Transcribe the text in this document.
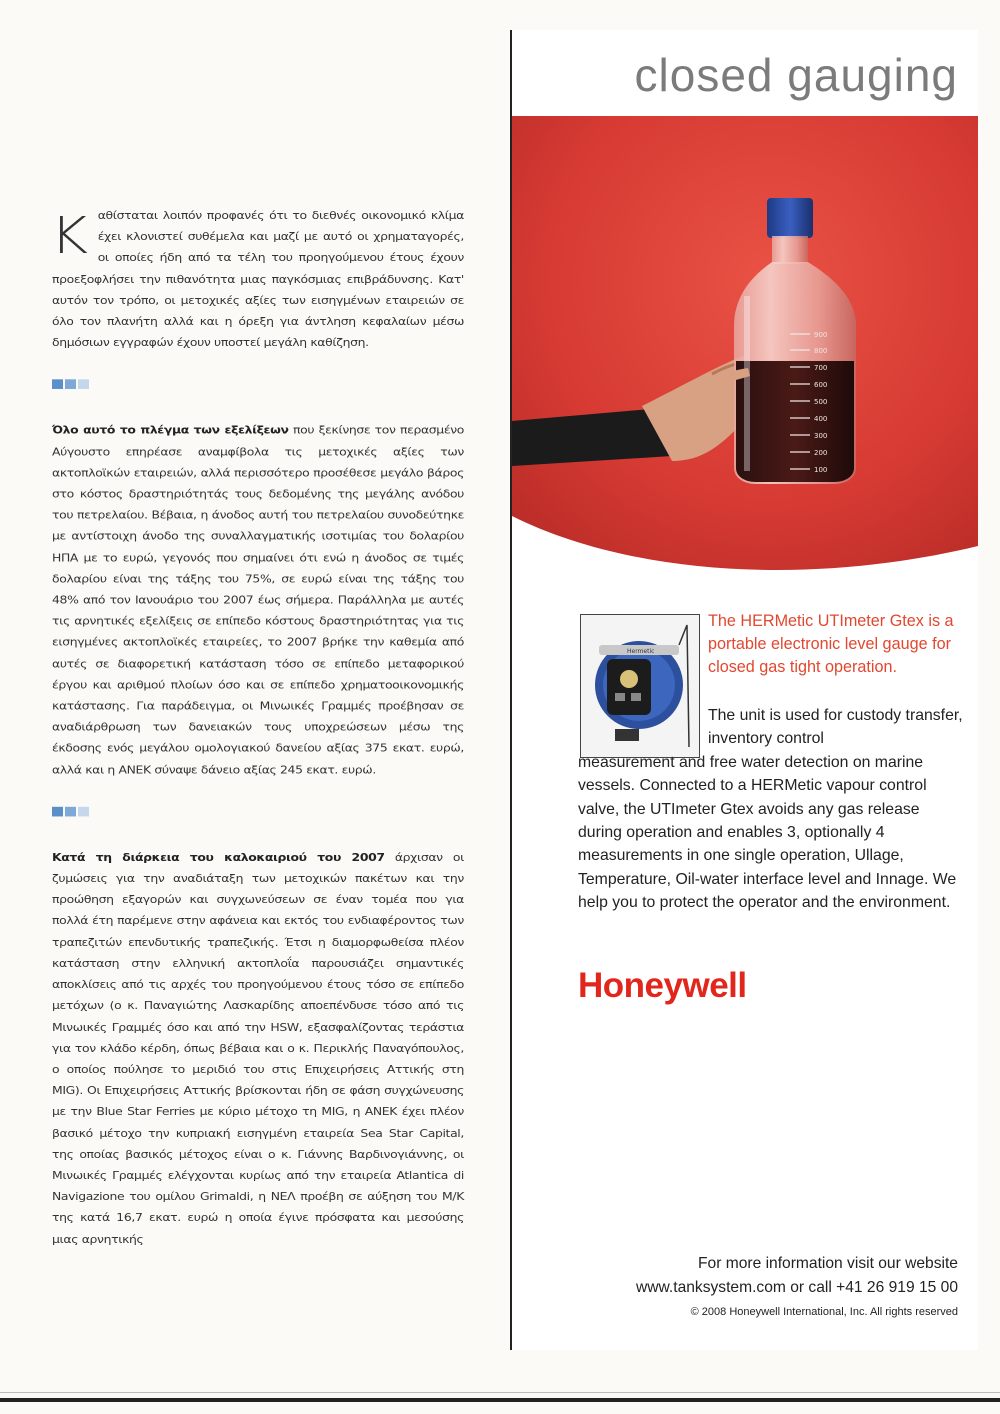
Κ αθίσταται λοιπόν προφανές ότι το διεθνές οικονομικό κλίμα έχει κλονιστεί συθέμελα και μαζί με αυτό οι χρηματαγορές, οι οποίες ήδη από τα τέλη του προηγούμενου έτους έχουν προεξοφλήσει την πιθανότητα μιας παγκόσμιας επιβράδυνσης. Κατ' αυτόν τον τρόπο, οι μετοχικές αξίες των εισηγμένων εταιρειών σε όλο τον πλανήτη αλλά και η όρεξη για άντληση κεφαλαίων μέσω δημόσιων εγγραφών έχουν υποστεί μεγάλη καθίζηση.

Όλο αυτό το πλέγμα των εξελίξεων που ξεκίνησε τον περασμένο Αύγουστο επηρέασε αναμφίβολα τις μετοχικές αξίες των ακτοπλοϊκών εταιρειών, αλλά περισσότερο προσέθεσε μεγάλο βάρος στο κόστος δραστηριότητάς τους δεδομένης της μεγάλης ανόδου του πετρελαίου. Βέβαια, η άνοδος αυτή του πετρελαίου συνοδεύτηκε με αντίστοιχη άνοδο της συναλλαγματικής ισοτιμίας του δολαρίου ΗΠΑ με το ευρώ, γεγονός που σημαίνει ότι ενώ η άνοδος σε τιμές δολαρίου είναι της τάξης του 75%, σε ευρώ είναι της τάξης του 48% από τον Ιανουάριο του 2007 έως σήμερα. Παράλληλα με αυτές τις αρνητικές εξελίξεις σε επίπεδο κόστους δραστηριότητας για τις εισηγμένες ακτοπλοϊκές εταιρείες, το 2007 βρήκε την καθεμία από αυτές σε διαφορετική κατάσταση τόσο σε επίπεδο μεταφορικού έργου και αριθμού πλοίων όσο και σε επίπεδο χρηματοοικονομικής κατάστασης. Για παράδειγμα, οι Μινωικές Γραμμές προέβησαν σε αναδιάρθρωση των δανειακών τους υποχρεώσεων μέσω της έκδοσης ενός μεγάλου ομολογιακού δανείου αξίας 375 εκατ. ευρώ, αλλά και η ΑΝΕΚ σύναψε δάνειο αξίας 245 εκατ. ευρώ.

Κατά τη διάρκεια του καλοκαιριού του 2007 άρχισαν οι ζυμώσεις για την αναδιάταξη των μετοχικών πακέτων και την προώθηση εξαγορών και συγχωνεύσεων σε έναν τομέα που για πολλά έτη παρέμενε στην αφάνεια και εκτός του ενδιαφέροντος των τραπεζιτών επενδυτικής τραπεζικής. Έτσι η διαμορφωθείσα πλέον κατάσταση στην ελληνική ακτοπλοΐα παρουσιάζει σημαντικές αποκλίσεις από τις αρχές του προηγούμενου έτους τόσο σε επίπεδο μετόχων (ο κ. Παναγιώτης Λασκαρίδης αποεπένδυσε τόσο από τις Μινωικές Γραμμές όσο και από την HSW, εξασφαλίζοντας τεράστια για τον κλάδο κέρδη, όπως βέβαια και ο κ. Περικλής Παναγόπουλος, ο οποίος πούλησε το μεριδιό του στις Επιχειρήσεις Αττικής στη MIG). Οι Επιχειρήσεις Αττικής βρίσκονται ήδη σε φάση συγχώνευσης με την Blue Star Ferries με κύριο μέτοχο τη MIG, η ΑΝΕΚ έχει πλέον βασικό μέτοχο την κυπριακή εισηγμένη εταιρεία Sea Star Capital, της οποίας βασικός μέτοχος είναι ο κ. Γιάννης Βαρδινογιάννης, οι Μινωικές Γραμμές ελέγχονται κυρίως από την εταιρεία Atlantica di Navigazione του ομίλου Grimaldi, η ΝΕΛ προέβη σε αύξηση του Μ/Κ της κατά 16,7 εκατ. ευρώ η οποία έγινε πρόσφατα και μεσούσης μιας αρνητικής

closed gauging
900
800
700
600
500
400
300
200
100
Hermetic
The HERMetic UTImeter Gtex is a portable electronic level gauge for closed gas tight operation.

The unit is used for custody transfer, inventory control

measurement and free water detection on marine vessels. Connected to a HERMetic vapour control valve, the UTImeter Gtex avoids any gas release during operation and enables 3, optionally 4 measurements in one single operation, Ullage, Temperature, Oil-water interface level and Innage. We help you to protect the operator and the environment.

Honeywell
For more information visit our website
www.tanksystem.com or call +41 26 919 15 00
© 2008 Honeywell International, Inc. All rights reserved
